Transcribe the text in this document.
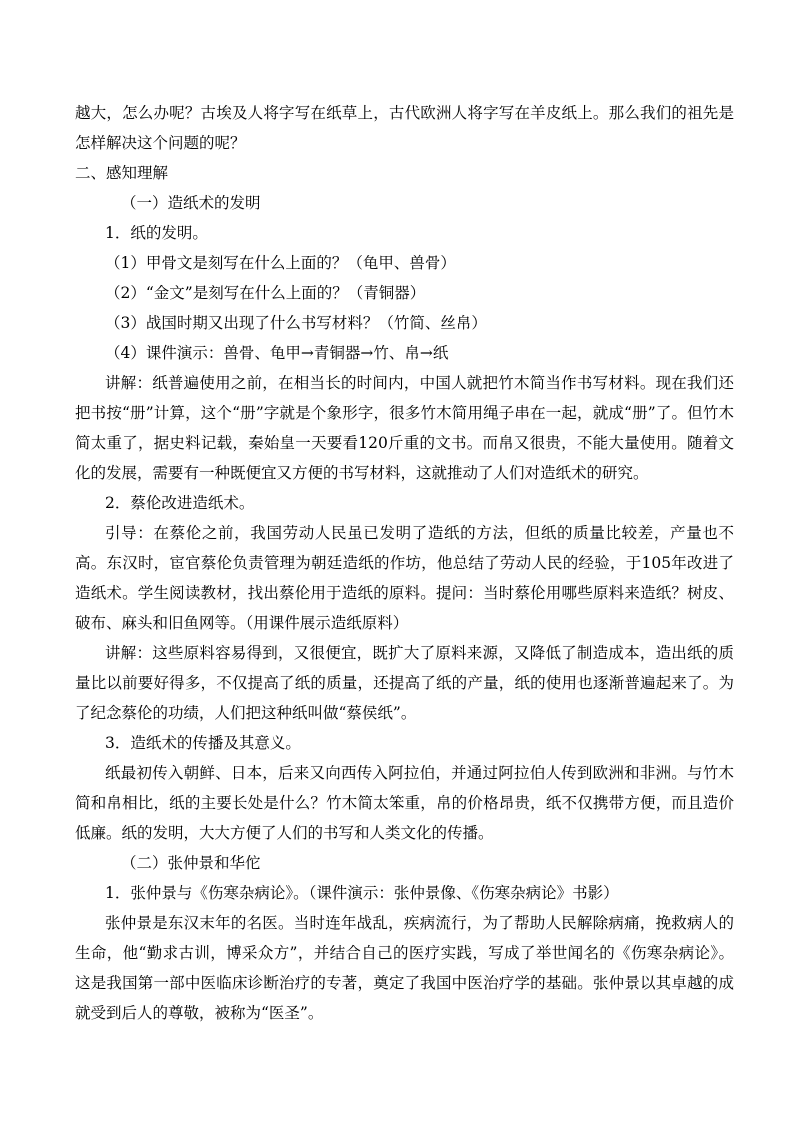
越大，怎么办呢？古埃及人将字写在纸草上，古代欧洲人将字写在羊皮纸上。那么我们的祖先是怎样解决这个问题的呢？

二、感知理解

（一）造纸术的发明

1．纸的发明。

（1）甲骨文是刻写在什么上面的？（龟甲、兽骨）

（2）“金文”是刻写在什么上面的？（青铜器）

（3）战国时期又出现了什么书写材料？（竹简、丝帛）

（4）课件演示：兽骨、龟甲→青铜器→竹、帛→纸

讲解：纸普遍使用之前，在相当长的时间内，中国人就把竹木简当作书写材料。现在我们还把书按“册”计算，这个“册”字就是个象形字，很多竹木简用绳子串在一起，就成“册”了。但竹木简太重了，据史料记载，秦始皇一天要看120斤重的文书。而帛又很贵，不能大量使用。随着文化的发展，需要有一种既便宜又方便的书写材料，这就推动了人们对造纸术的研究。

2．蔡伦改进造纸术。

引导：在蔡伦之前，我国劳动人民虽已发明了造纸的方法，但纸的质量比较差，产量也不高。东汉时，宦官蔡伦负责管理为朝廷造纸的作坊，他总结了劳动人民的经验，于105年改进了造纸术。学生阅读教材，找出蔡伦用于造纸的原料。提问：当时蔡伦用哪些原料来造纸？树皮、破布、麻头和旧鱼网等。（用课件展示造纸原料）

讲解：这些原料容易得到，又很便宜，既扩大了原料来源，又降低了制造成本，造出纸的质量比以前要好得多，不仅提高了纸的质量，还提高了纸的产量，纸的使用也逐渐普遍起来了。为了纪念蔡伦的功绩，人们把这种纸叫做“蔡侯纸”。

3．造纸术的传播及其意义。

纸最初传入朝鲜、日本，后来又向西传入阿拉伯，并通过阿拉伯人传到欧洲和非洲。与竹木简和帛相比，纸的主要长处是什么？竹木简太笨重，帛的价格昂贵，纸不仅携带方便，而且造价低廉。纸的发明，大大方便了人们的书写和人类文化的传播。

（二）张仲景和华佗

1．张仲景与《伤寒杂病论》。（课件演示：张仲景像、《伤寒杂病论》书影）

张仲景是东汉末年的名医。当时连年战乱，疾病流行，为了帮助人民解除病痛，挽救病人的生命，他“勤求古训，博采众方”，并结合自己的医疗实践，写成了举世闻名的《伤寒杂病论》。这是我国第一部中医临床诊断治疗的专著，奠定了我国中医治疗学的基础。张仲景以其卓越的成就受到后人的尊敬，被称为“医圣”。
